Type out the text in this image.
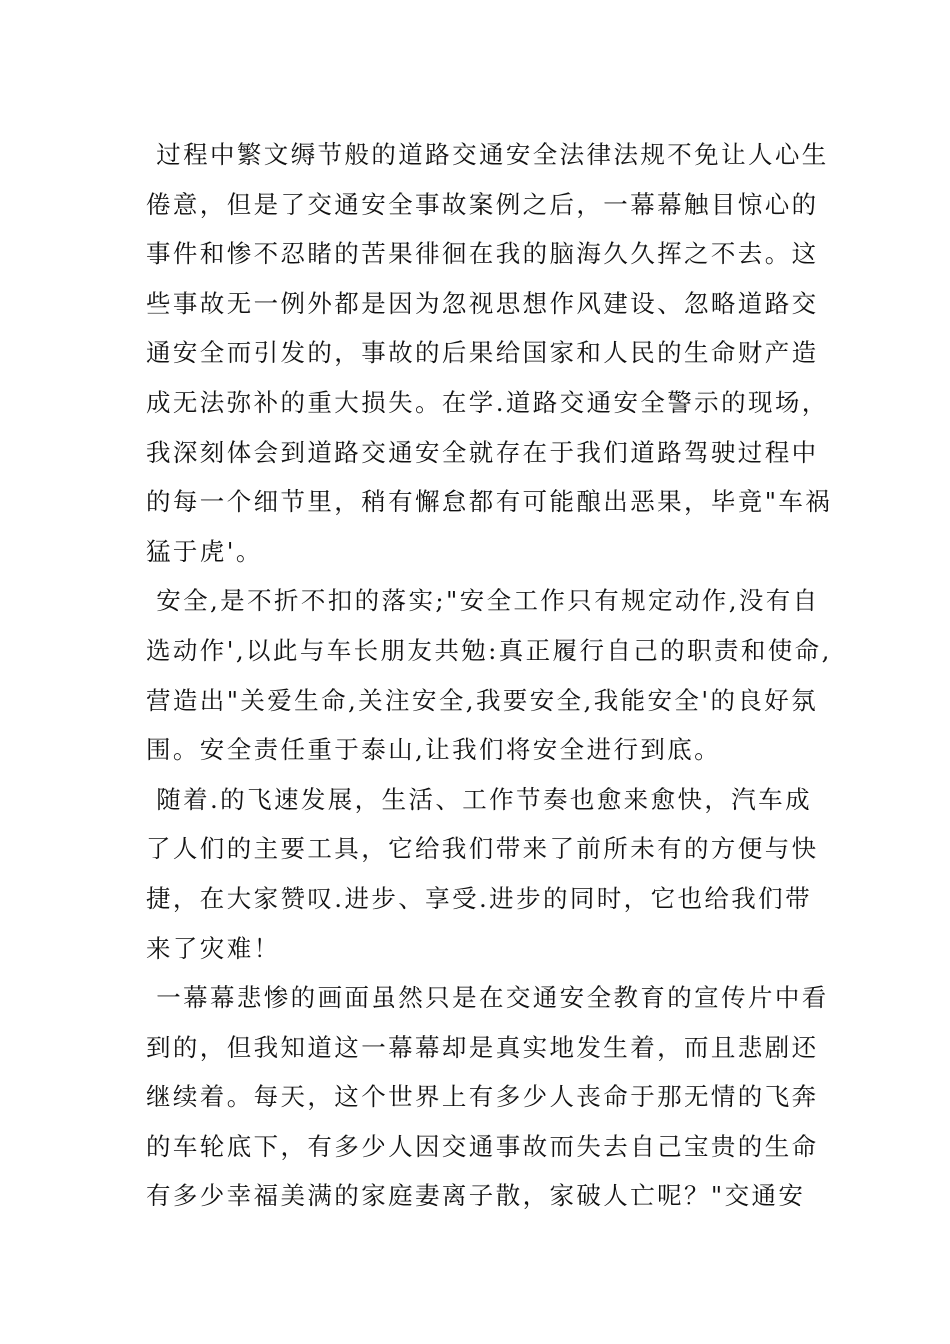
过程中繁文缛节般的道路交通安全法律法规不免让人心生
倦意，但是了交通安全事故案例之后，一幕幕触目惊心的
事件和惨不忍睹的苦果徘徊在我的脑海久久挥之不去。这
些事故无一例外都是因为忽视思想作风建设、忽略道路交
通安全而引发的，事故的后果给国家和人民的生命财产造
成无法弥补的重大损失。在学.道路交通安全警示的现场，
我深刻体会到道路交通安全就存在于我们道路驾驶过程中
的每一个细节里，稍有懈怠都有可能酿出恶果，毕竟"车祸
猛于虎'。
安全,是不折不扣的落实;"安全工作只有规定动作,没有自
选动作',以此与车长朋友共勉:真正履行自己的职责和使命,
营造出"关爱生命,关注安全,我要安全,我能安全'的良好氛
围。安全责任重于泰山,让我们将安全进行到底。
随着.的飞速发展，生活、工作节奏也愈来愈快，汽车成
了人们的主要工具，它给我们带来了前所未有的方便与快
捷，在大家赞叹.进步、享受.进步的同时，它也给我们带
来了灾难！
一幕幕悲惨的画面虽然只是在交通安全教育的宣传片中看
到的，但我知道这一幕幕却是真实地发生着，而且悲剧还
继续着。每天，这个世界上有多少人丧命于那无情的飞奔
的车轮底下，有多少人因交通事故而失去自己宝贵的生命
有多少幸福美满的家庭妻离子散，家破人亡呢？"交通安
